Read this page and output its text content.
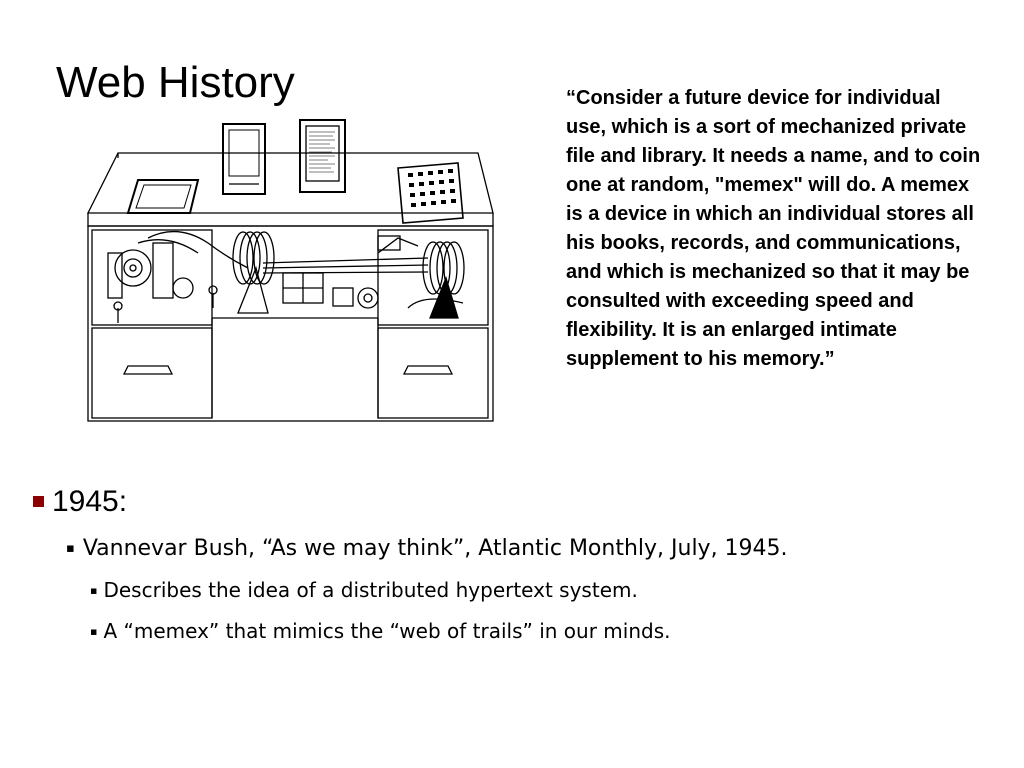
Web History	“Consider a future device for individual use, which is a sort of mechanized private file and library. It needs a name, and to coin one at random, "memex" will do. A memex is a device in which an individual stores all his books, records, and communications, and which is mechanized so that it may be consulted with exceeding speed and flexibility. It is an enlarged intimate supplement to his memory.”
1945:
▪ Vannevar Bush, “As we may think”, Atlantic Monthly, July, 1945.
▪ Describes the idea of a distributed hypertext system.
▪ A “memex” that mimics the “web of trails” in our minds.
